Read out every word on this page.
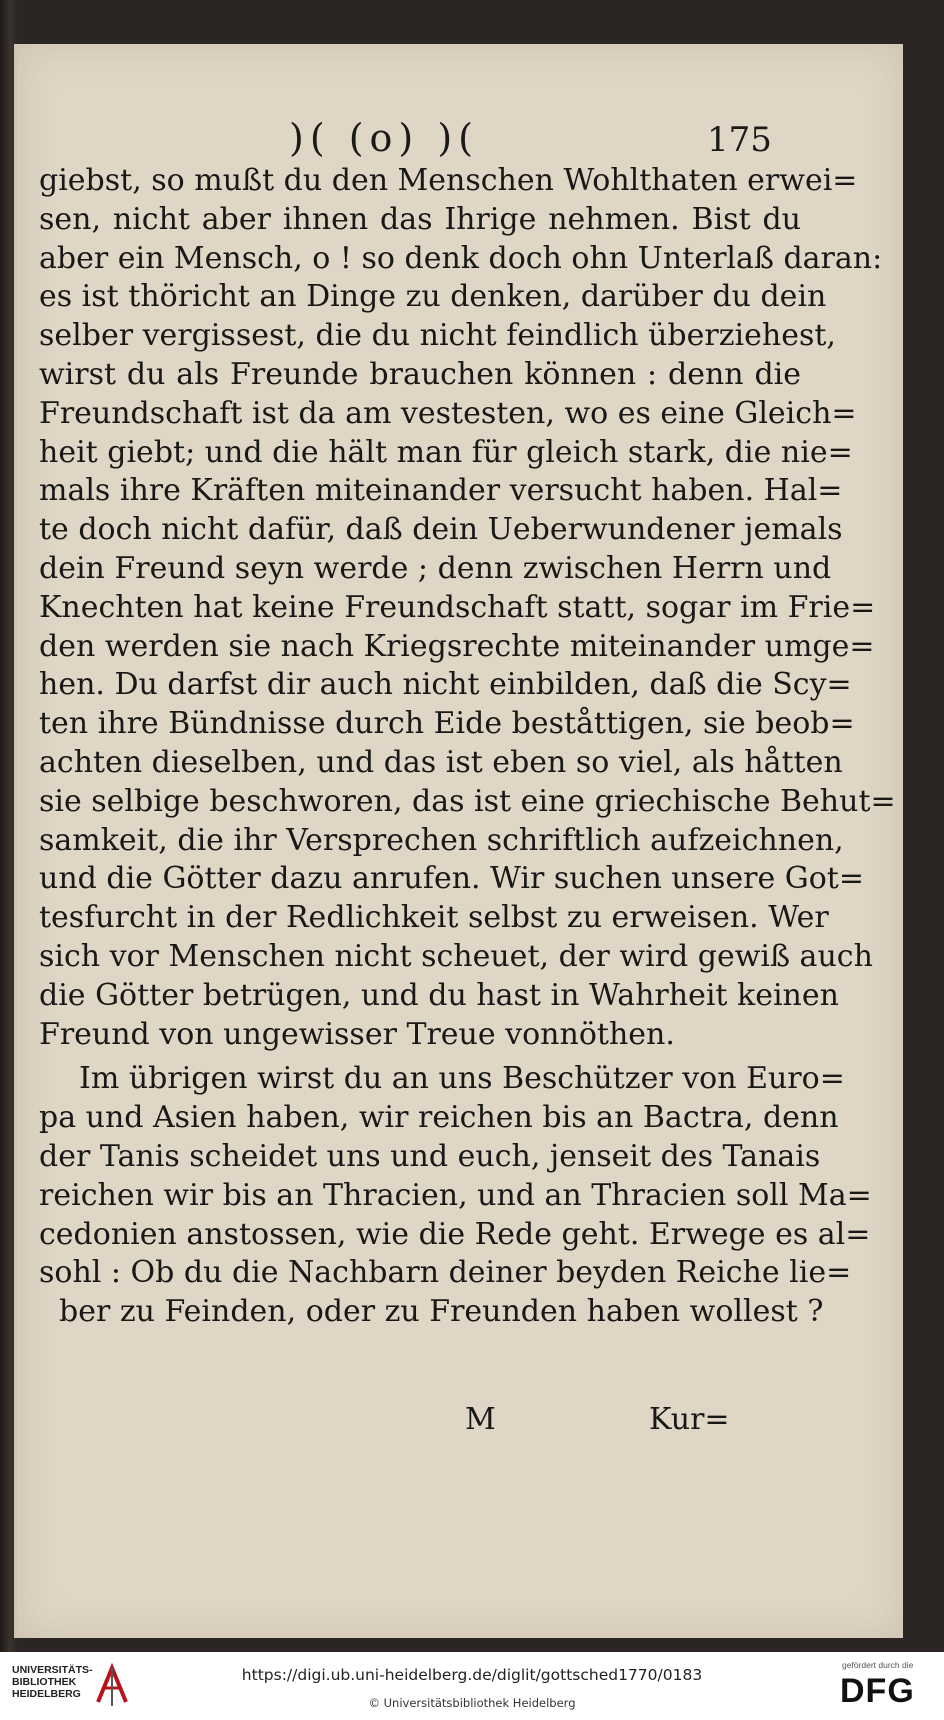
)( (o) )(	175
giebst, so mußt du den Menschen Wohlthaten erwei=
sen, nicht aber ihnen das Ihrige nehmen. Bist du
aber ein Mensch, o ! so denk doch ohn Unterlaß daran:
es ist thöricht an Dinge zu denken, darüber du dein
selber vergissest, die du nicht feindlich überziehest,
wirst du als Freunde brauchen können : denn die
Freundschaft ist da am vestesten, wo es eine Gleich=
heit giebt; und die hält man für gleich stark, die nie=
mals ihre Kräften miteinander versucht haben. Hal=
te doch nicht dafür, daß dein Ueberwundener jemals
dein Freund seyn werde ; denn zwischen Herrn und
Knechten hat keine Freundschaft statt, sogar im Frie=
den werden sie nach Kriegsrechte miteinander umge=
hen. Du darfst dir auch nicht einbilden, daß die Scy=
ten ihre Bündnisse durch Eide beståttigen, sie beob=
achten dieselben, und das ist eben so viel, als håtten
sie selbige beschworen, das ist eine griechische Behut=
samkeit, die ihr Versprechen schriftlich aufzeichnen,
und die Götter dazu anrufen. Wir suchen unsere Got=
tesfurcht in der Redlichkeit selbst zu erweisen. Wer
sich vor Menschen nicht scheuet, der wird gewiß auch
die Götter betrügen, und du hast in Wahrheit keinen
Freund von ungewisser Treue vonnöthen.
Im übrigen wirst du an uns Beschützer von Euro=
pa und Asien haben, wir reichen bis an Bactra, denn
der Tanis scheidet uns und euch, jenseit des Tanais
reichen wir bis an Thracien, und an Thracien soll Ma=
cedonien anstossen, wie die Rede geht. Erwege es al=
sohl : Ob du die Nachbarn deiner beyden Reiche lie=
ber zu Feinden, oder zu Freunden haben wollest ?
M	Kur=
UNIVERSITÄTS-
BIBLIOTHEK
HEIDELBERG
https://digi.ub.uni-heidelberg.de/diglit/gottsched1770/0183
© Universitätsbibliothek Heidelberg
gefördert durch die
DFG
